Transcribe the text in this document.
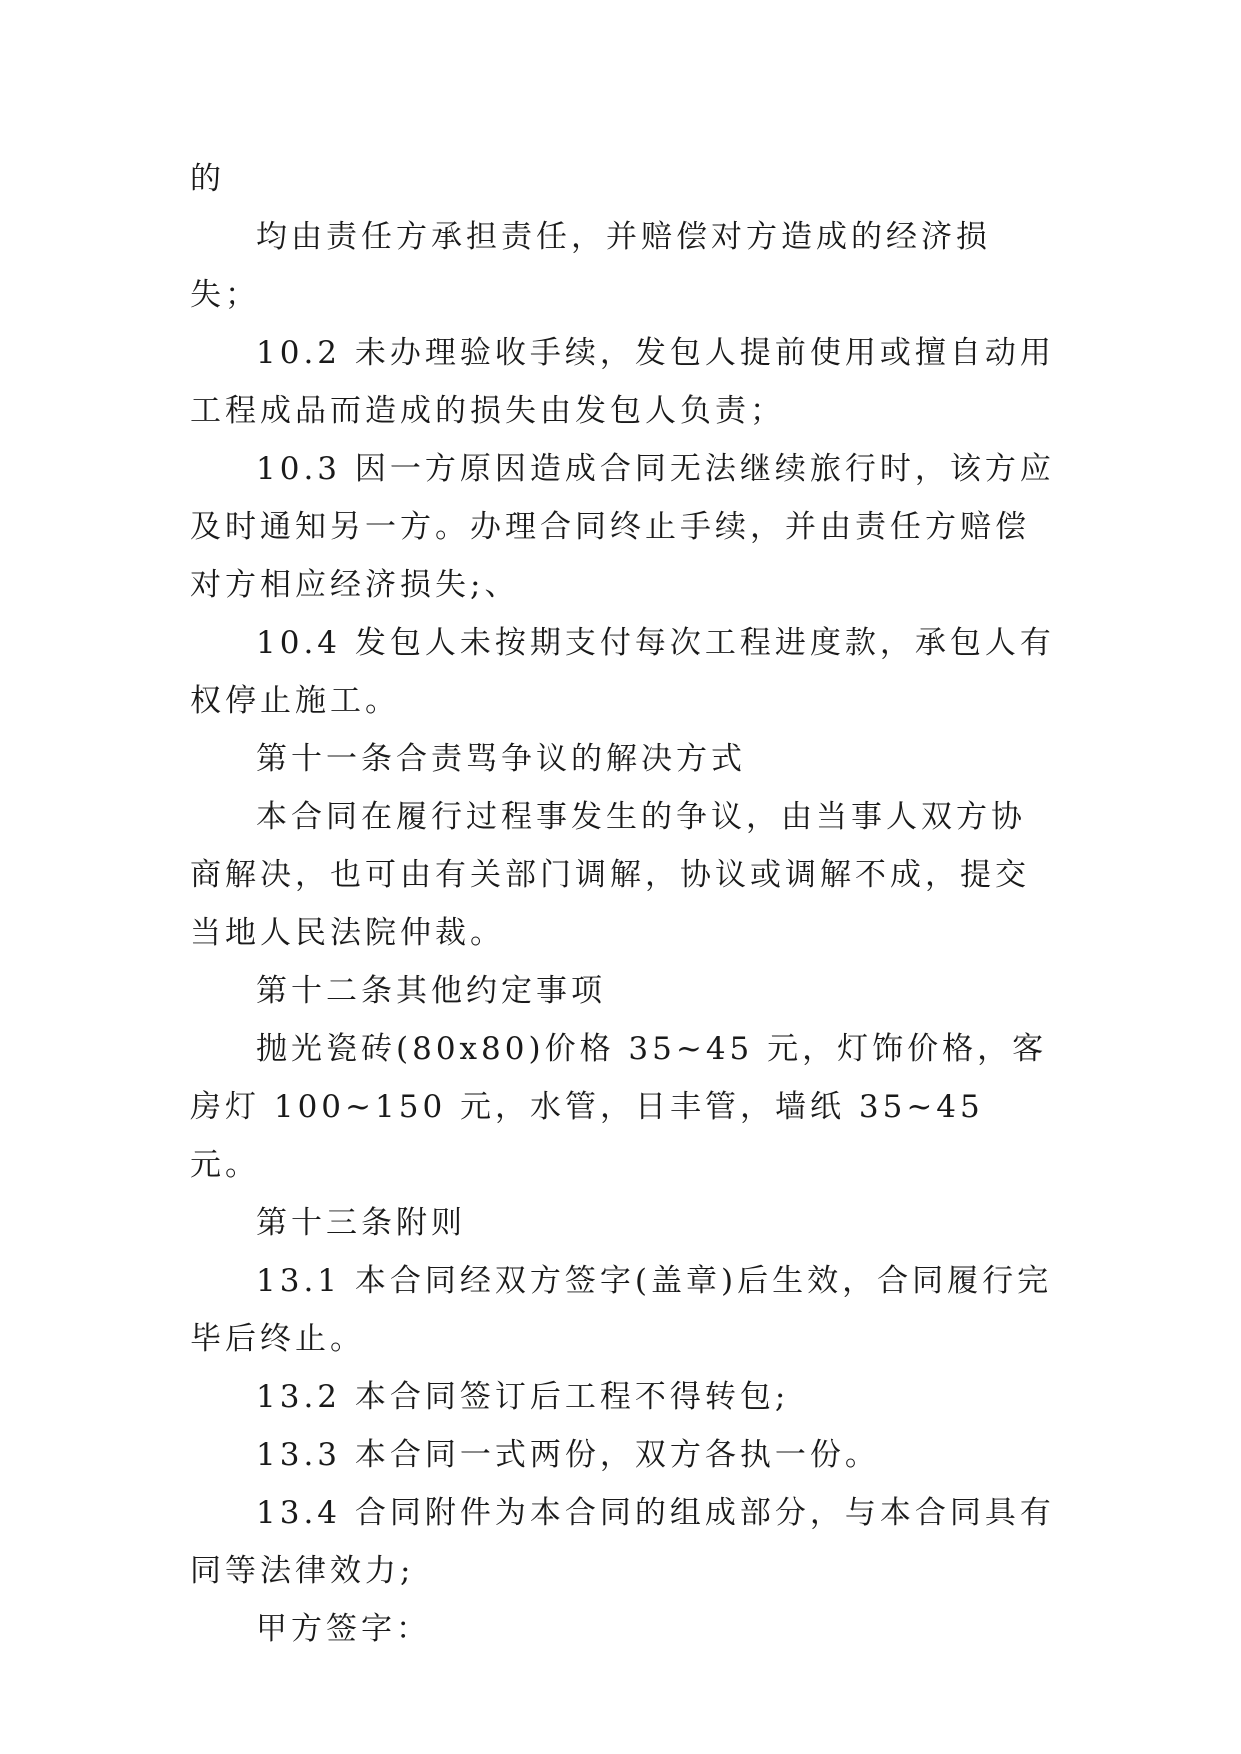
的

均由责任方承担责任，并赔偿对方造成的经济损失；

10.2 未办理验收手续，发包人提前使用或擅自动用工程成品而造成的损失由发包人负责；

10.3 因一方原因造成合同无法继续旅行时，该方应及时通知另一方。办理合同终止手续，并由责任方赔偿对方相应经济损失;、

10.4 发包人未按期支付每次工程进度款，承包人有权停止施工。

第十一条合责骂争议的解决方式

本合同在履行过程事发生的争议，由当事人双方协商解决，也可由有关部门调解，协议或调解不成，提交当地人民法院仲裁。

第十二条其他约定事项

抛光瓷砖(80x80)价格 35~45 元，灯饰价格，客房灯 100~150 元，水管，日丰管，墙纸 35~45 元。

第十三条附则

13.1 本合同经双方签字(盖章)后生效，合同履行完毕后终止。

13.2 本合同签订后工程不得转包;

13.3 本合同一式两份，双方各执一份。

13.4 合同附件为本合同的组成部分，与本合同具有同等法律效力;

甲方签字：
